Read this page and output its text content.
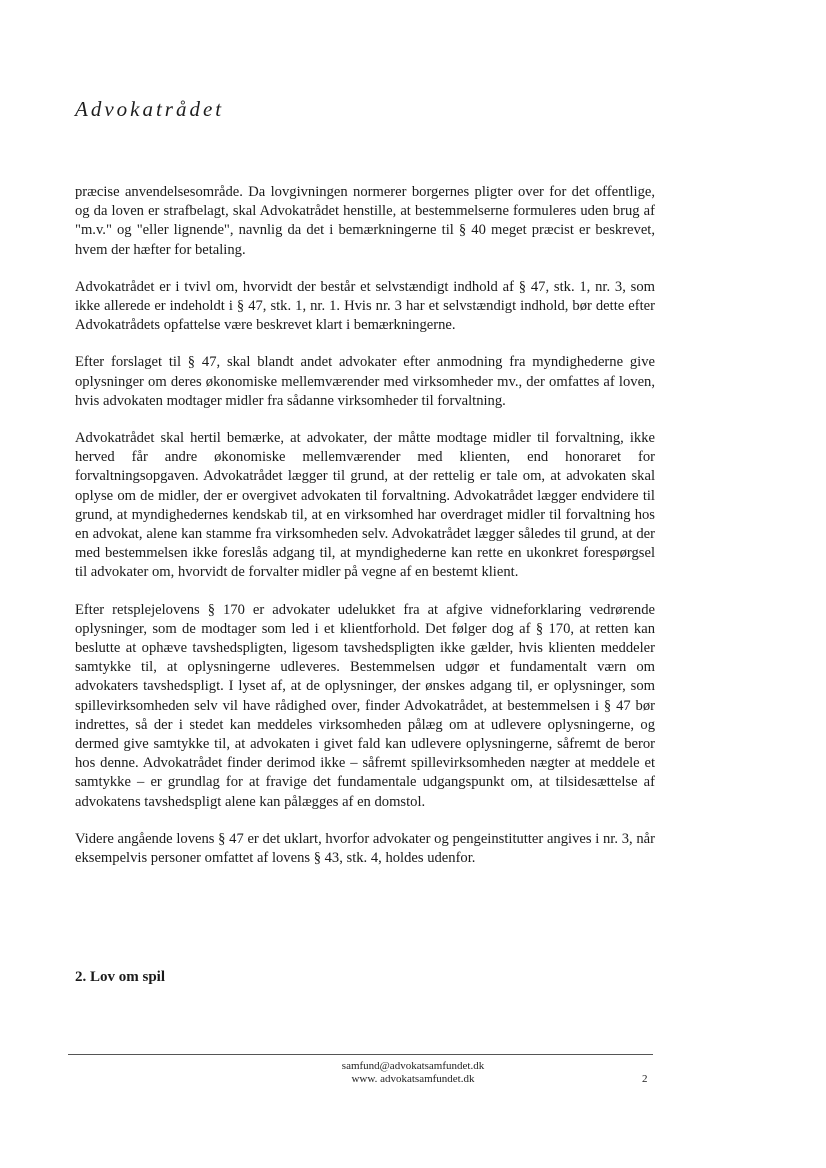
Advokatrådet

præcise anvendelsesområde. Da lovgivningen normerer borgernes pligter over for det offentlige, og da loven er strafbelagt, skal Advokatrådet henstille, at bestemmelserne formuleres uden brug af "m.v." og "eller lignende", navnlig da det i bemærkningerne til § 40 meget præcist er beskrevet, hvem der hæfter for betaling.

Advokatrådet er i tvivl om, hvorvidt der består et selvstændigt indhold af § 47, stk. 1, nr. 3, som ikke allerede er indeholdt i § 47, stk. 1, nr. 1. Hvis nr. 3 har et selvstændigt indhold, bør dette efter Advokatrådets opfattelse være beskrevet klart i bemærkningerne.

Efter forslaget til § 47, skal blandt andet advokater efter anmodning fra myndighederne give oplysninger om deres økonomiske mellemværender med virksomheder mv., der omfattes af loven, hvis advokaten modtager midler fra sådanne virksomheder til forvaltning.

Advokatrådet skal hertil bemærke, at advokater, der måtte modtage midler til forvaltning, ikke herved får andre økonomiske mellemværender med klienten, end honoraret for forvaltningsopgaven. Advokatrådet lægger til grund, at der rettelig er tale om, at advokaten skal oplyse om de midler, der er overgivet advokaten til forvaltning. Advokatrådet lægger endvidere til grund, at myndighedernes kendskab til, at en virksomhed har overdraget midler til forvaltning hos en advokat, alene kan stamme fra virksomheden selv. Advokatrådet lægger således til grund, at der med bestemmelsen ikke foreslås adgang til, at myndighederne kan rette en ukonkret forespørgsel til advokater om, hvorvidt de forvalter midler på vegne af en bestemt klient.

Efter retsplejelovens § 170 er advokater udelukket fra at afgive vidneforklaring vedrørende oplysninger, som de modtager som led i et klientforhold. Det følger dog af § 170, at retten kan beslutte at ophæve tavshedspligten, ligesom tavshedspligten ikke gælder, hvis klienten meddeler samtykke til, at oplysningerne udleveres. Bestemmelsen udgør et fundamentalt værn om advokaters tavshedspligt. I lyset af, at de oplysninger, der ønskes adgang til, er oplysninger, som spillevirksomheden selv vil have rådighed over, finder Advokatrådet, at bestemmelsen i § 47 bør indrettes, så der i stedet kan meddeles virksomheden pålæg om at udlevere oplysningerne, og dermed give samtykke til, at advokaten i givet fald kan udlevere oplysningerne, såfremt de beror hos denne. Advokatrådet finder derimod ikke – såfremt spillevirksomheden nægter at meddele et samtykke – er grundlag for at fravige det fundamentale udgangspunkt om, at tilsidesættelse af advokatens tavshedspligt alene kan pålægges af en domstol.

Videre angående lovens § 47 er det uklart, hvorfor advokater og pengeinstitutter angives i nr. 3, når eksempelvis personer omfattet af lovens § 43, stk. 4, holdes udenfor.

2. Lov om spil
samfund@advokatsamfundet.dk
www. advokatsamfundet.dk	2
